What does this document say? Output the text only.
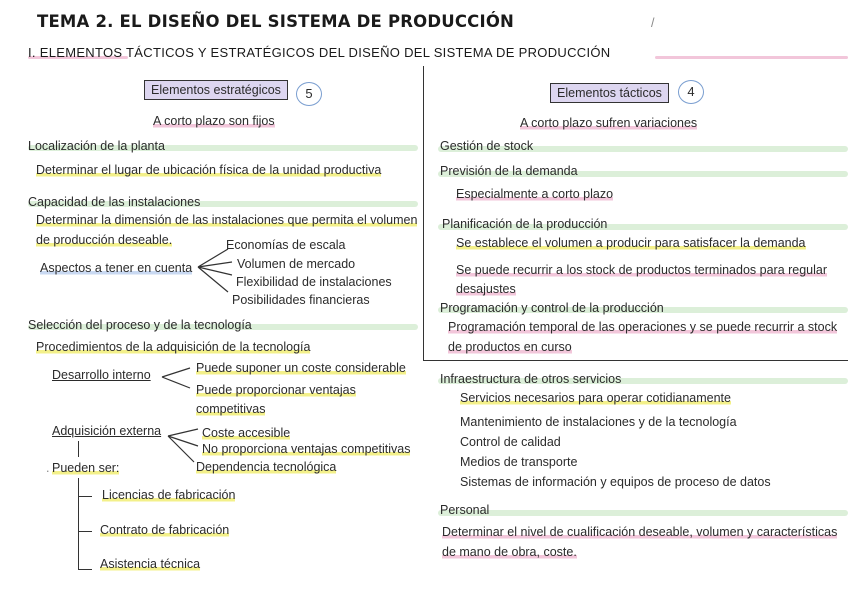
TEMA 2. EL DISEÑO DEL SISTEMA DE PRODUCCIÓN	/
I. ELEMENTOS TÁCTICOS Y ESTRATÉGICOS DEL DISEÑO DEL SISTEMA DE PRODUCCIÓN
Elementos estratégicos	5
A corto plazo son fijos
Localización de la planta
Determinar el lugar de ubicación física de la unidad productiva
Capacidad de las instalaciones
Determinar la dimensión de las instalaciones que permita el volumen
de producción deseable.
Aspectos a tener en cuenta
Economías de escala
Volumen de mercado
Flexibilidad de instalaciones
Posibilidades financieras
Selección del proceso y de la tecnología
Procedimientos de la adquisición de la tecnología
Desarrollo interno	Puede suponer un coste considerable
Puede proporcionar ventajas
competitivas
Adquisición externa	Coste accesible
No proporciona ventajas competitivas
Dependencia tecnológica
. Pueden ser:
Licencias de fabricación
Contrato de fabricación
Asistencia técnica
Elementos tácticos	4
A corto plazo sufren variaciones
Gestión de stock
Previsión de la demanda
Especialmente a corto plazo
Planificación de la producción
Se establece el volumen a producir para satisfacer la demanda
Se puede recurrir a los stock de productos terminados para regular
desajustes
Programación y control de la producción
Programación temporal de las operaciones y se puede recurrir a stock
de productos en curso
Infraestructura de otros servicios
Servicios necesarios para operar cotidianamente
Mantenimiento de instalaciones y de la tecnología
Control de calidad
Medios de transporte
Sistemas de información y equipos de proceso de datos
Personal
Determinar el nivel de cualificación deseable, volumen y características
de mano de obra, coste.
